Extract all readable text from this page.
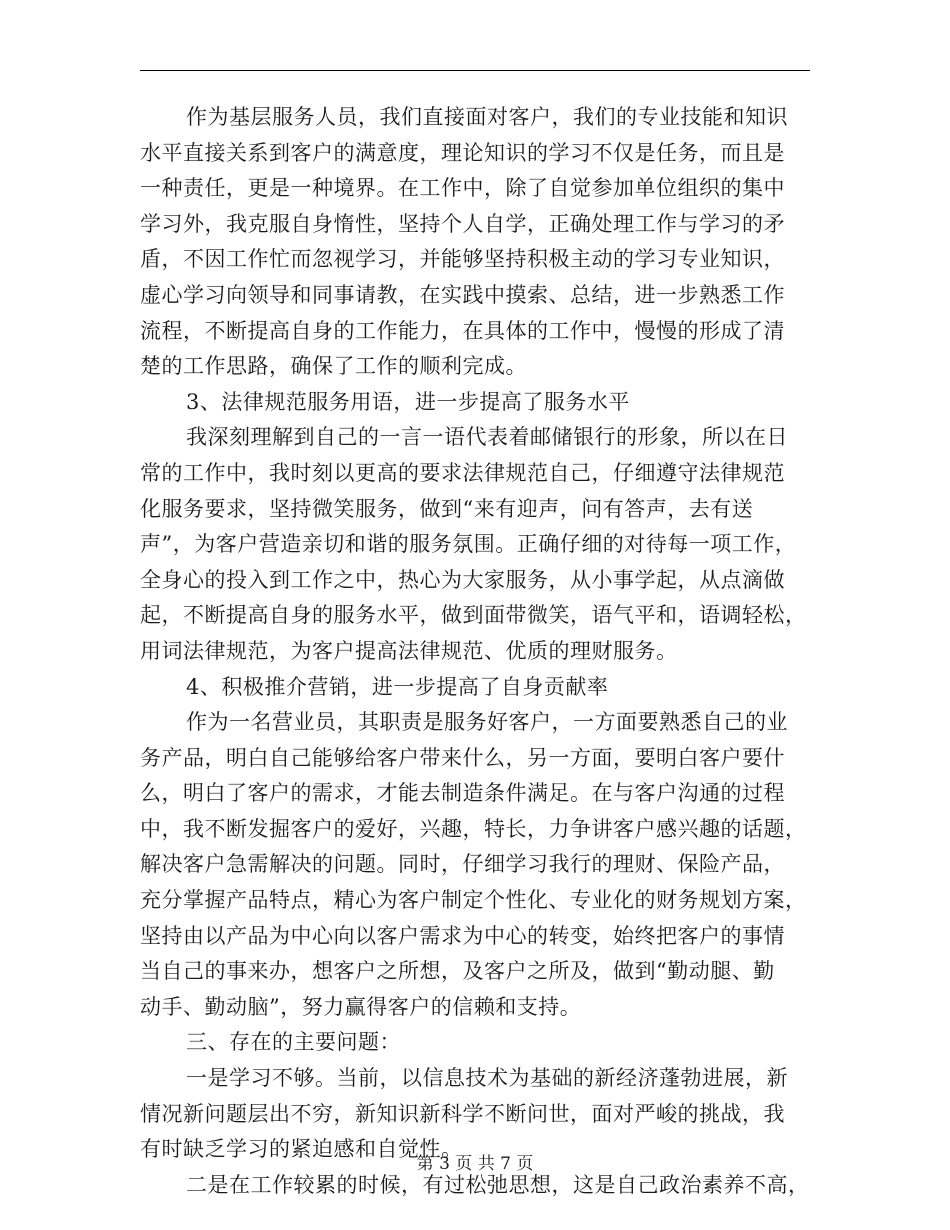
作为基层服务人员，我们直接面对客户，我们的专业技能和知识
水平直接关系到客户的满意度，理论知识的学习不仅是任务，而且是
一种责任，更是一种境界。在工作中，除了自觉参加单位组织的集中
学习外，我克服自身惰性，坚持个人自学，正确处理工作与学习的矛
盾，不因工作忙而忽视学习，并能够坚持积极主动的学习专业知识，
虚心学习向领导和同事请教，在实践中摸索、总结，进一步熟悉工作
流程，不断提高自身的工作能力，在具体的工作中，慢慢的形成了清
楚的工作思路，确保了工作的顺利完成。
3、法律规范服务用语，进一步提高了服务水平
我深刻理解到自己的一言一语代表着邮储银行的形象，所以在日
常的工作中，我时刻以更高的要求法律规范自己，仔细遵守法律规范
化服务要求，坚持微笑服务，做到“来有迎声，问有答声，去有送
声”，为客户营造亲切和谐的服务氛围。正确仔细的对待每一项工作，
全身心的投入到工作之中，热心为大家服务，从小事学起，从点滴做
起，不断提高自身的服务水平，做到面带微笑，语气平和，语调轻松，
用词法律规范，为客户提高法律规范、优质的理财服务。
4、积极推介营销，进一步提高了自身贡献率
作为一名营业员，其职责是服务好客户，一方面要熟悉自己的业
务产品，明白自己能够给客户带来什么，另一方面，要明白客户要什
么，明白了客户的需求，才能去制造条件满足。在与客户沟通的过程
中，我不断发掘客户的爱好，兴趣，特长，力争讲客户感兴趣的话题，
解决客户急需解决的问题。同时，仔细学习我行的理财、保险产品，
充分掌握产品特点，精心为客户制定个性化、专业化的财务规划方案，
坚持由以产品为中心向以客户需求为中心的转变，始终把客户的事情
当自己的事来办，想客户之所想，及客户之所及，做到“勤动腿、勤
动手、勤动脑”，努力赢得客户的信赖和支持。
三、存在的主要问题：
一是学习不够。当前，以信息技术为基础的新经济蓬勃进展，新
情况新问题层出不穷，新知识新科学不断问世，面对严峻的挑战，我
有时缺乏学习的紧迫感和自觉性。
二是在工作较累的时候，有过松弛思想，这是自己政治素养不高，
第 3 页 共 7 页
